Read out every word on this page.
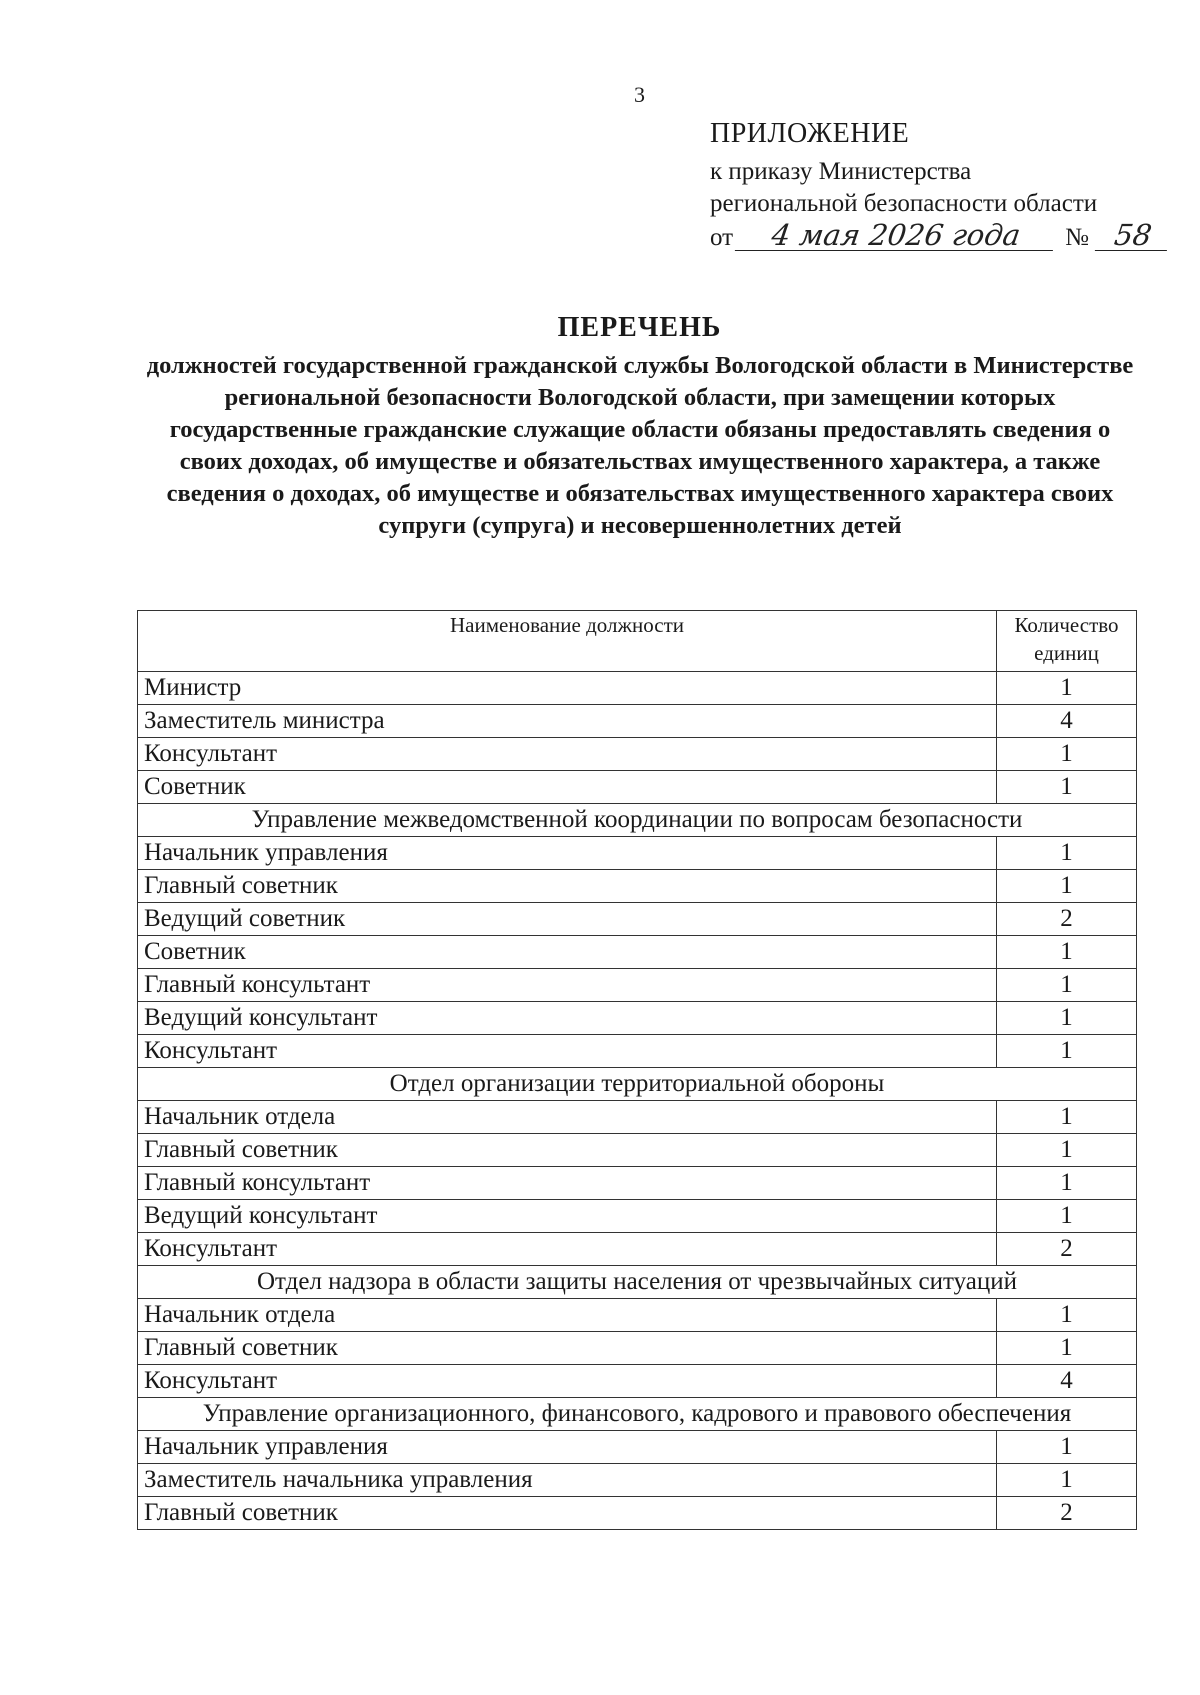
3

ПРИЛОЖЕНИЕ

к приказу Министерства

региональной безопасности области

от	4 мая 2026 года	№ 58

ПЕРЕЧЕНЬ

должностей государственной гражданской службы Вологодской области в Министерстве региональной безопасности Вологодской области, при замещении которых государственные гражданские служащие области обязаны предоставлять сведения о своих доходах, об имуществе и обязательствах имущественного характера, а также сведения о доходах, об имуществе и обязательствах имущественного характера своих супруги (супруга) и несовершеннолетних детей

Наименование должности	Количество единиц
Министр	1
Заместитель министра	4
Консультант	1
Советник	1
Управление межведомственной координации по вопросам безопасности	
Начальник управления	1
Главный советник	1
Ведущий советник	2
Советник	1
Главный консультант	1
Ведущий консультант	1
Консультант	1
Отдел организации территориальной обороны	
Начальник отдела	1
Главный советник	1
Главный консультант	1
Ведущий консультант	1
Консультант	2
Отдел надзора в области защиты населения от чрезвычайных ситуаций	
Начальник отдела	1
Главный советник	1
Консультант	4
Управление организационного, финансового, кадрового и правового обеспечения	
Начальник управления	1
Заместитель начальника управления	1
Главный советник	2
